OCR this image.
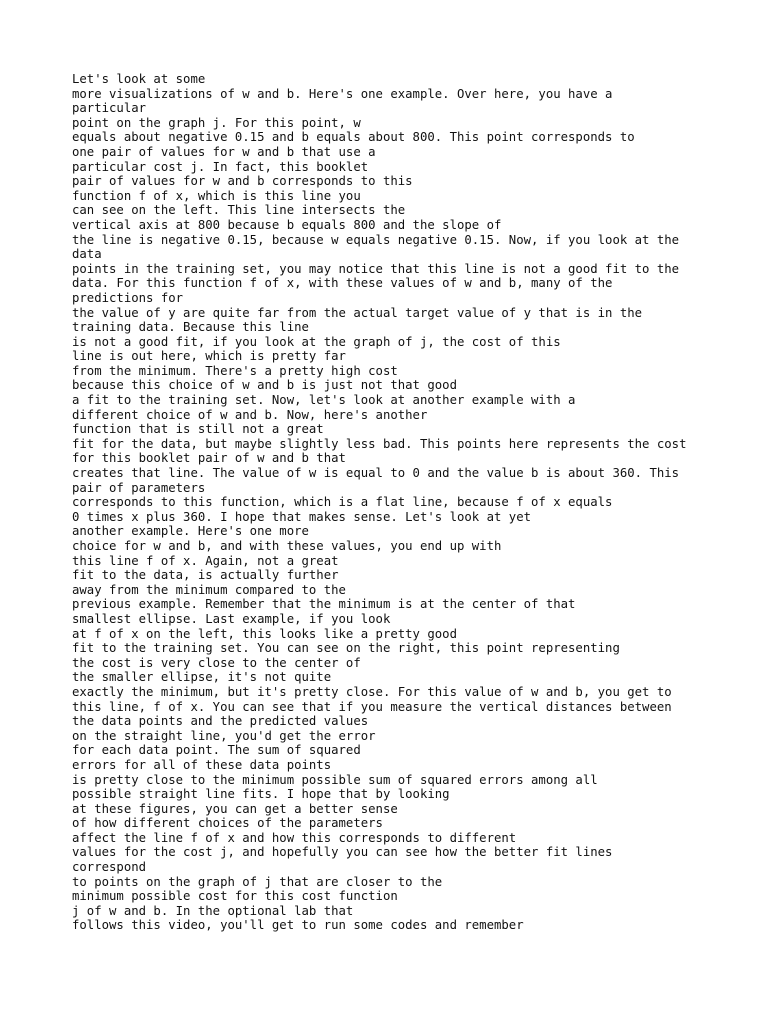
Let's look at some
more visualizations of w and b. Here's one example. Over here, you have a
particular
point on the graph j. For this point, w
equals about negative 0.15 and b equals about 800. This point corresponds to
one pair of values for w and b that use a
particular cost j. In fact, this booklet
pair of values for w and b corresponds to this
function f of x, which is this line you
can see on the left. This line intersects the
vertical axis at 800 because b equals 800 and the slope of
the line is negative 0.15, because w equals negative 0.15. Now, if you look at the
data
points in the training set, you may notice that this line is not a good fit to the
data. For this function f of x, with these values of w and b, many of the
predictions for
the value of y are quite far from the actual target value of y that is in the
training data. Because this line
is not a good fit, if you look at the graph of j, the cost of this
line is out here, which is pretty far
from the minimum. There's a pretty high cost
because this choice of w and b is just not that good
a fit to the training set. Now, let's look at another example with a
different choice of w and b. Now, here's another
function that is still not a great
fit for the data, but maybe slightly less bad. This points here represents the cost
for this booklet pair of w and b that
creates that line. The value of w is equal to 0 and the value b is about 360. This
pair of parameters
corresponds to this function, which is a flat line, because f of x equals
0 times x plus 360. I hope that makes sense. Let's look at yet
another example. Here's one more
choice for w and b, and with these values, you end up with
this line f of x. Again, not a great
fit to the data, is actually further
away from the minimum compared to the
previous example. Remember that the minimum is at the center of that
smallest ellipse. Last example, if you look
at f of x on the left, this looks like a pretty good
fit to the training set. You can see on the right, this point representing
the cost is very close to the center of
the smaller ellipse, it's not quite
exactly the minimum, but it's pretty close. For this value of w and b, you get to
this line, f of x. You can see that if you measure the vertical distances between
the data points and the predicted values
on the straight line, you'd get the error
for each data point. The sum of squared
errors for all of these data points
is pretty close to the minimum possible sum of squared errors among all
possible straight line fits. I hope that by looking
at these figures, you can get a better sense
of how different choices of the parameters
affect the line f of x and how this corresponds to different
values for the cost j, and hopefully you can see how the better fit lines
correspond
to points on the graph of j that are closer to the
minimum possible cost for this cost function
j of w and b. In the optional lab that
follows this video, you'll get to run some codes and remember
